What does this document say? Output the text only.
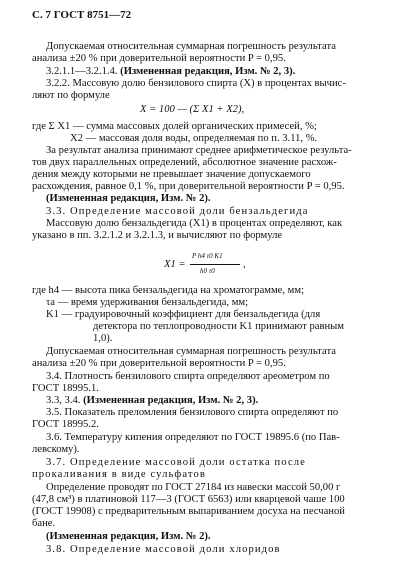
С. 7 ГОСТ 8751—72
Допускаемая относительная суммарная погрешность результата
анализа ±20 % при доверительной вероятности P = 0,95.
3.2.1.1—3.2.1.4. (Измененная редакция, Изм. № 2, 3).
3.2.2. Массовую долю бензилового спирта (X) в процентах вычис-
ляют по формуле
X = 100 — (Σ X1 + X2),
где Σ X1 — сумма массовых долей органических примесей, %;
X2 — массовая доля воды, определяемая по п. 3.11, %.
За результат анализа принимают среднее арифметическое результа-
тов двух параллельных определений, абсолютное значение расхож-
дения между которыми не превышает значение допускаемого
расхождения, равное 0,1 %, при доверительной вероятности P = 0,95.
(Измененная редакция, Изм. № 2).
3.3. Определение массовой доли бензальдегида
Массовую долю бензальдегида (X1) в процентах определяют, как
указано в пп. 3.2.1.2 и 3.2.1.3, и вычисляют по формуле
X1 =
P h4 τ0 K1
h0 τ0
,
где h4 — высота пика бензальдегида на хроматограмме, мм;
τа — время удерживания бензальдегида, мм;
K1 — градуировочный коэффициент для бензальдегида (для
детектора по теплопроводности K1 принимают равным
1,0).
Допускаемая относительная суммарная погрешность результата
анализа ±20 % при доверительной вероятности P = 0,95.
3.4. Плотность бензилового спирта определяют ареометром по
ГОСТ 18995.1.
3.3, 3.4. (Измененная редакция, Изм. № 2, 3).
3.5. Показатель преломления бензилового спирта определяют по
ГОСТ 18995.2.
3.6. Температуру кипения определяют по ГОСТ 19895.6 (по Пав-
левскому).
3.7. Определение массовой доли остатка после
прокаливания в виде сульфатов
Определение проводят по ГОСТ 27184 из навески массой 50,00 г
(47,8 см³) в платиновой 117—3 (ГОСТ 6563) или кварцевой чаше 100
(ГОСТ 19908) с предварительным выпариванием досуха на песчаной
бане.
(Измененная редакция, Изм. № 2).
3.8. Определение массовой доли хлоридов
